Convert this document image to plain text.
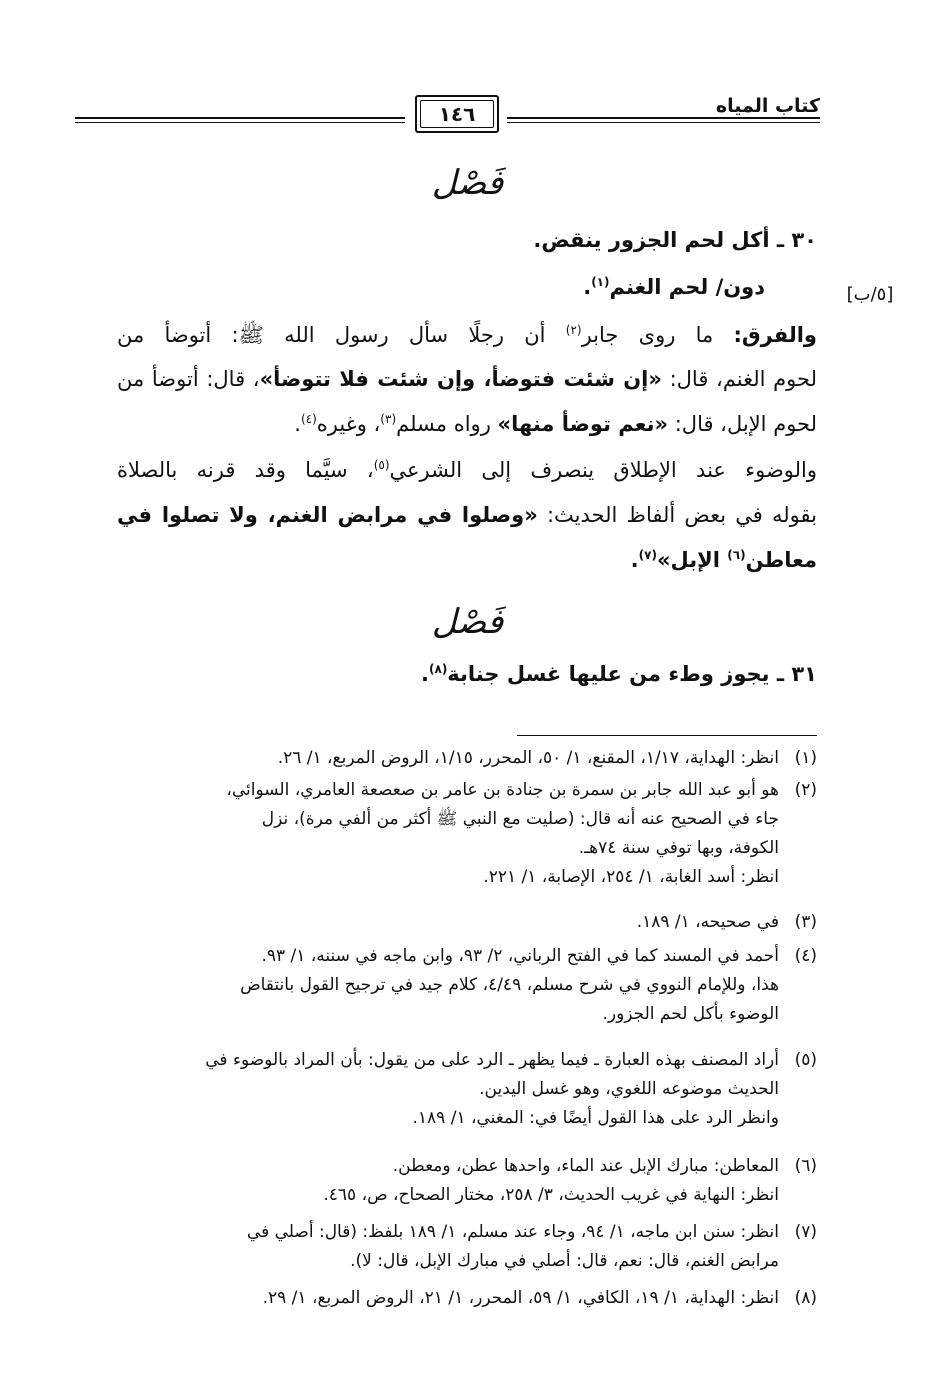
كتاب المياه
١٤٦
فَصْل
٣٠ ـ أكل لحم الجزور ينقض.
دون/ لحم الغنم$^{(١)}$.	[٥/ب]
والفرق: ما روى جابر$^{(٢)}$ أن رجلًا سأل رسول الله ﷺ: أتوضأ من
لحوم الغنم، قال: «إن شئت فتوضأ، وإن شئت فلا تتوضأ»، قال: أتوضأ من
لحوم الإبل، قال: «نعم توضأ منها» رواه مسلم$^{(٣)}$، وغيره$^{(٤)}$.
والوضوء عند الإطلاق ينصرف إلى الشرعي$^{(٥)}$، سيَّما وقد قرنه بالصلاة
بقوله في بعض ألفاظ الحديث: «وصلوا في مرابض الغنم، ولا تصلوا في
معاطن$^{(٦)}$ الإبل»$^{(٧)}$.
فَصْل
٣١ ـ يجوز وطء من عليها غسل جنابة$^{(٨)}$.
(١)انظر: الهداية، ١/١٧، المقنع، ١/ ٥٠، المحرر، ١/١٥، الروض المربع، ١/ ٢٦.
(٢)هو أبو عبد الله جابر بن سمرة بن جنادة بن عامر بن صعصعة العامري، السوائي،
جاء في الصحيح عنه أنه قال: (صليت مع النبي ﷺ أكثر من ألفي مرة)، نزل
الكوفة، وبها توفي سنة ٧٤هـ.
انظر: أسد الغابة، ١/ ٢٥٤، الإصابة، ١/ ٢٢١.
(٣)في صحيحه، ١/ ١٨٩.
(٤)أحمد في المسند كما في الفتح الرباني، ٢/ ٩٣، وابن ماجه في سننه، ١/ ٩٣.
هذا، وللإمام النووي في شرح مسلم، ٤/٤٩، كلام جيد في ترجيح القول بانتقاض
الوضوء بأكل لحم الجزور.
(٥)أراد المصنف بهذه العبارة ـ فيما يظهر ـ الرد على من يقول: بأن المراد بالوضوء في
الحديث موضوعه اللغوي، وهو غسل اليدين.
وانظر الرد على هذا القول أيضًا في: المغني، ١/ ١٨٩.
(٦)المعاطن: مبارك الإبل عند الماء، واحدها عطن، ومعطن.
انظر: النهاية في غريب الحديث، ٣/ ٢٥٨، مختار الصحاح، ص، ٤٦٥.
(٧)انظر: سنن ابن ماجه، ١/ ٩٤، وجاء عند مسلم، ١/ ١٨٩ بلفظ: (قال: أصلي في
مرابض الغنم، قال: نعم، قال: أصلي في مبارك الإبل، قال: لا).
(٨)انظر: الهداية، ١/ ١٩، الكافي، ١/ ٥٩، المحرر، ١/ ٢١، الروض المربع، ١/ ٢٩.
